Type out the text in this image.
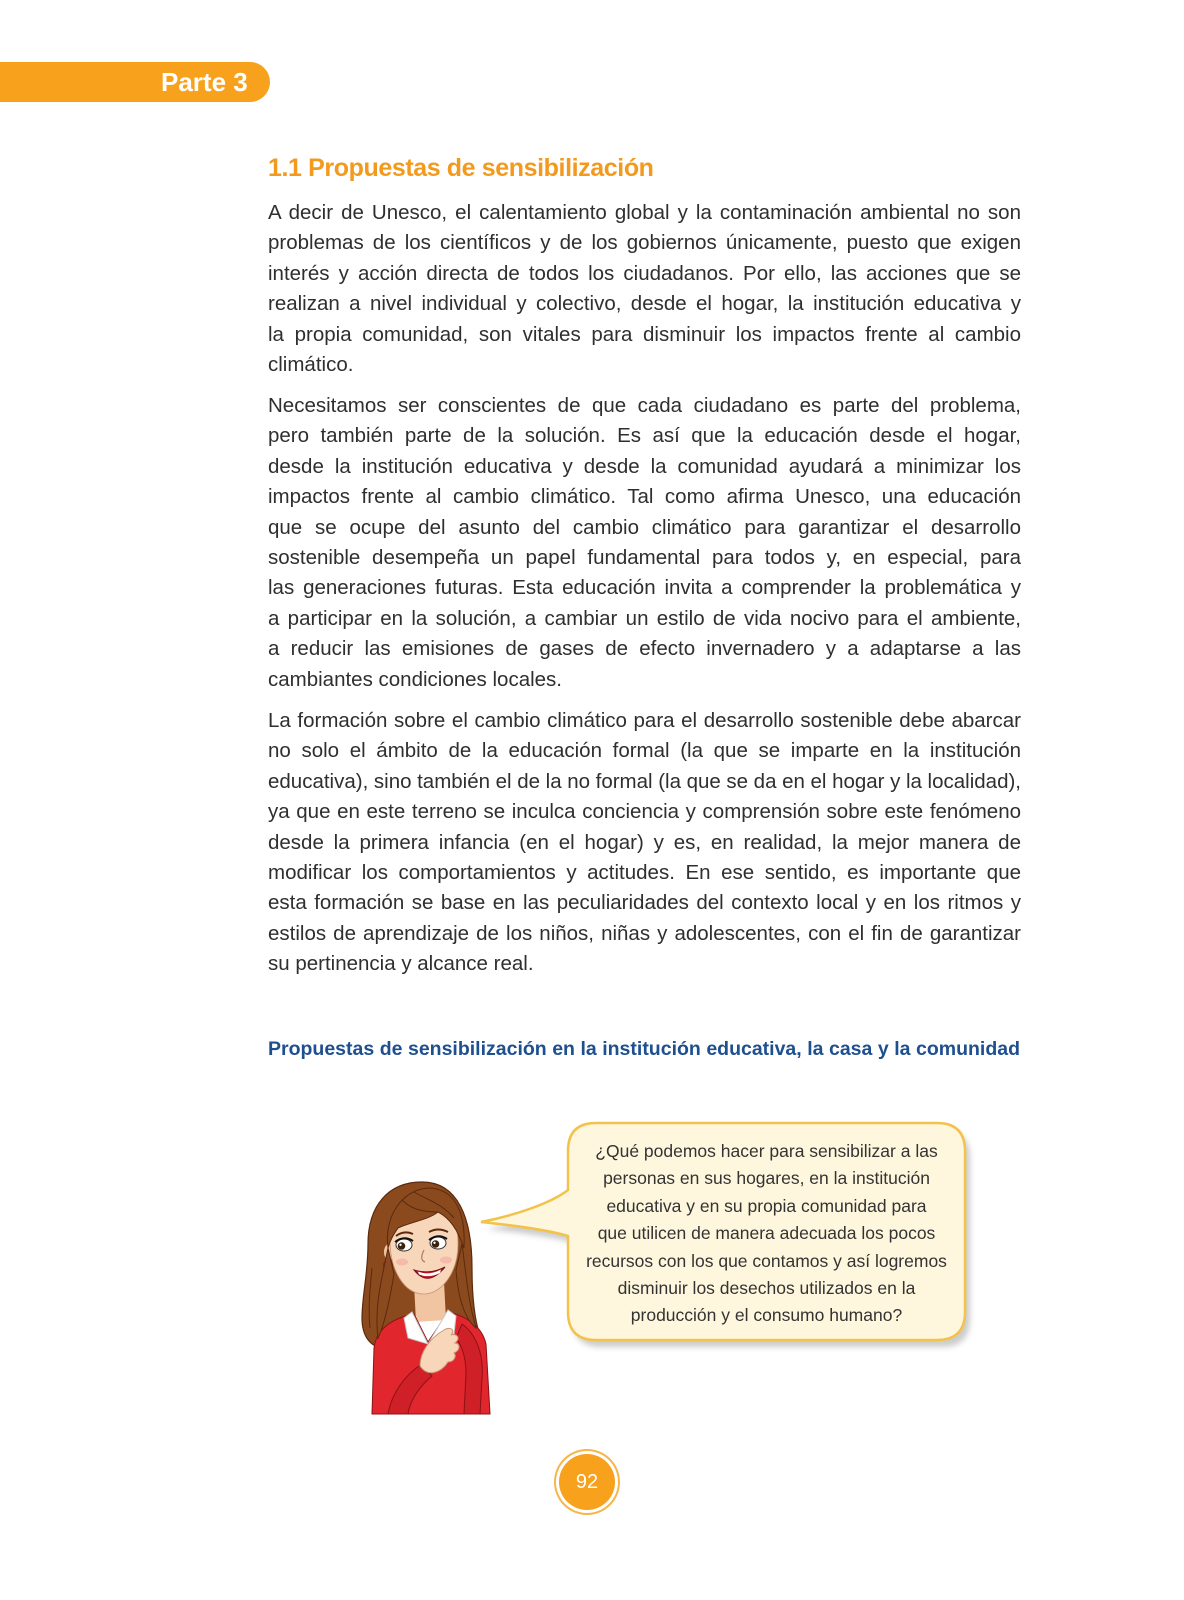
Parte 3
1.1 Propuestas de sensibilización
A decir de Unesco, el calentamiento global y la contaminación ambiental no son
problemas de los científicos y de los gobiernos únicamente, puesto que exigen
interés y acción directa de todos los ciudadanos. Por ello, las acciones que se
realizan a nivel individual y colectivo, desde el hogar, la institución educativa y
la propia comunidad, son vitales para disminuir los impactos frente al cambio
climático.
Necesitamos ser conscientes de que cada ciudadano es parte del problema,
pero también parte de la solución. Es así que la educación desde el hogar,
desde la institución educativa y desde la comunidad ayudará a minimizar los
impactos frente al cambio climático. Tal como afirma Unesco, una educación
que se ocupe del asunto del cambio climático para garantizar el desarrollo
sostenible desempeña un papel fundamental para todos y, en especial, para
las generaciones futuras. Esta educación invita a comprender la problemática y
a participar en la solución, a cambiar un estilo de vida nocivo para el ambiente,
a reducir las emisiones de gases de efecto invernadero y a adaptarse a las
cambiantes condiciones locales.
La formación sobre el cambio climático para el desarrollo sostenible debe abarcar
no solo el ámbito de la educación formal (la que se imparte en la institución
educativa), sino también el de la no formal (la que se da en el hogar y la localidad),
ya que en este terreno se inculca conciencia y comprensión sobre este fenómeno
desde la primera infancia (en el hogar) y es, en realidad, la mejor manera de
modificar los comportamientos y actitudes. En ese sentido, es importante que
esta formación se base en las peculiaridades del contexto local y en los ritmos y
estilos de aprendizaje de los niños, niñas y adolescentes, con el fin de garantizar
su pertinencia y alcance real.
Propuestas de sensibilización en la institución educativa, la casa y la comunidad
¿Qué podemos hacer para sensibilizar a las
personas en sus hogares, en la institución
educativa y en su propia comunidad para
que utilicen de manera adecuada los pocos
recursos con los que contamos y así logremos
disminuir los desechos utilizados en la
producción y el consumo humano?
92
